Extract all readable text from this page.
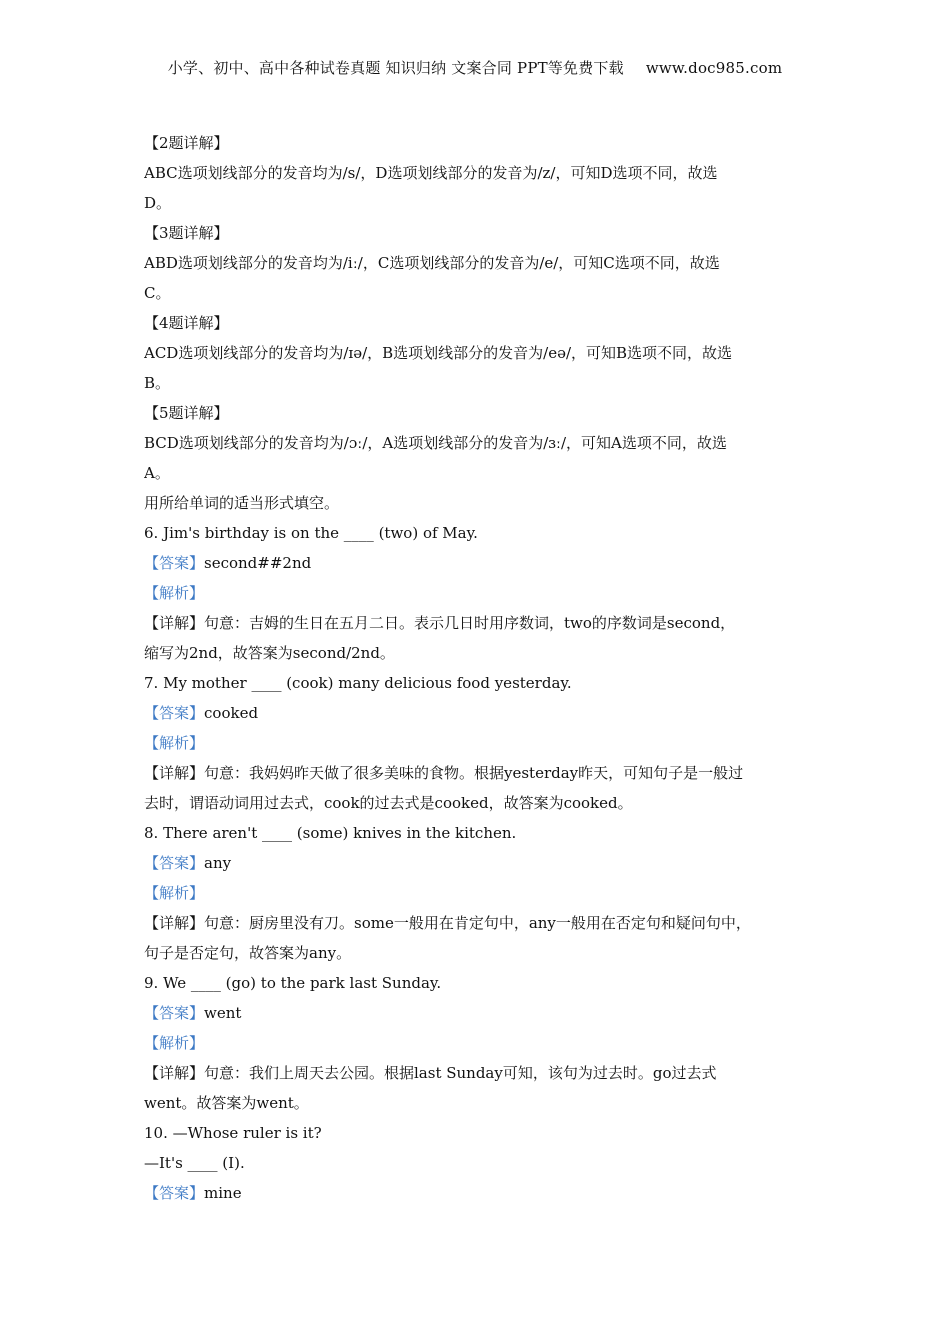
小学、初中、高中各种试卷真题 知识归纳 文案合同 PPT等免费下载 www.doc985.com
【2题详解】
ABC选项划线部分的发音均为/s/，D选项划线部分的发音为/z/，可知D选项不同，故选
D。
【3题详解】
ABD选项划线部分的发音均为/iː/，C选项划线部分的发音为/e/，可知C选项不同，故选
C。
【4题详解】
ACD选项划线部分的发音均为/ɪə/，B选项划线部分的发音为/eə/，可知B选项不同，故选
B。
【5题详解】
BCD选项划线部分的发音均为/ɔː/，A选项划线部分的发音为/ɜː/，可知A选项不同，故选
A。
用所给单词的适当形式填空。
6. Jim's birthday is on the ____ (two) of May.
【答案】second##2nd
【解析】
【详解】句意：吉姆的生日在五月二日。表示几日时用序数词，two的序数词是second，
缩写为2nd，故答案为second/2nd。
7. My mother ____ (cook) many delicious food yesterday.
【答案】cooked
【解析】
【详解】句意：我妈妈昨天做了很多美味的食物。根据yesterday昨天，可知句子是一般过
去时，谓语动词用过去式，cook的过去式是cooked，故答案为cooked。
8. There aren't ____ (some) knives in the kitchen.
【答案】any
【解析】
【详解】句意：厨房里没有刀。some一般用在肯定句中，any一般用在否定句和疑问句中，
句子是否定句，故答案为any。
9. We ____ (go) to the park last Sunday.
【答案】went
【解析】
【详解】句意：我们上周天去公园。根据last Sunday可知，该句为过去时。go过去式
went。故答案为went。
10. —Whose ruler is it?
—It's ____ (I).
【答案】mine
